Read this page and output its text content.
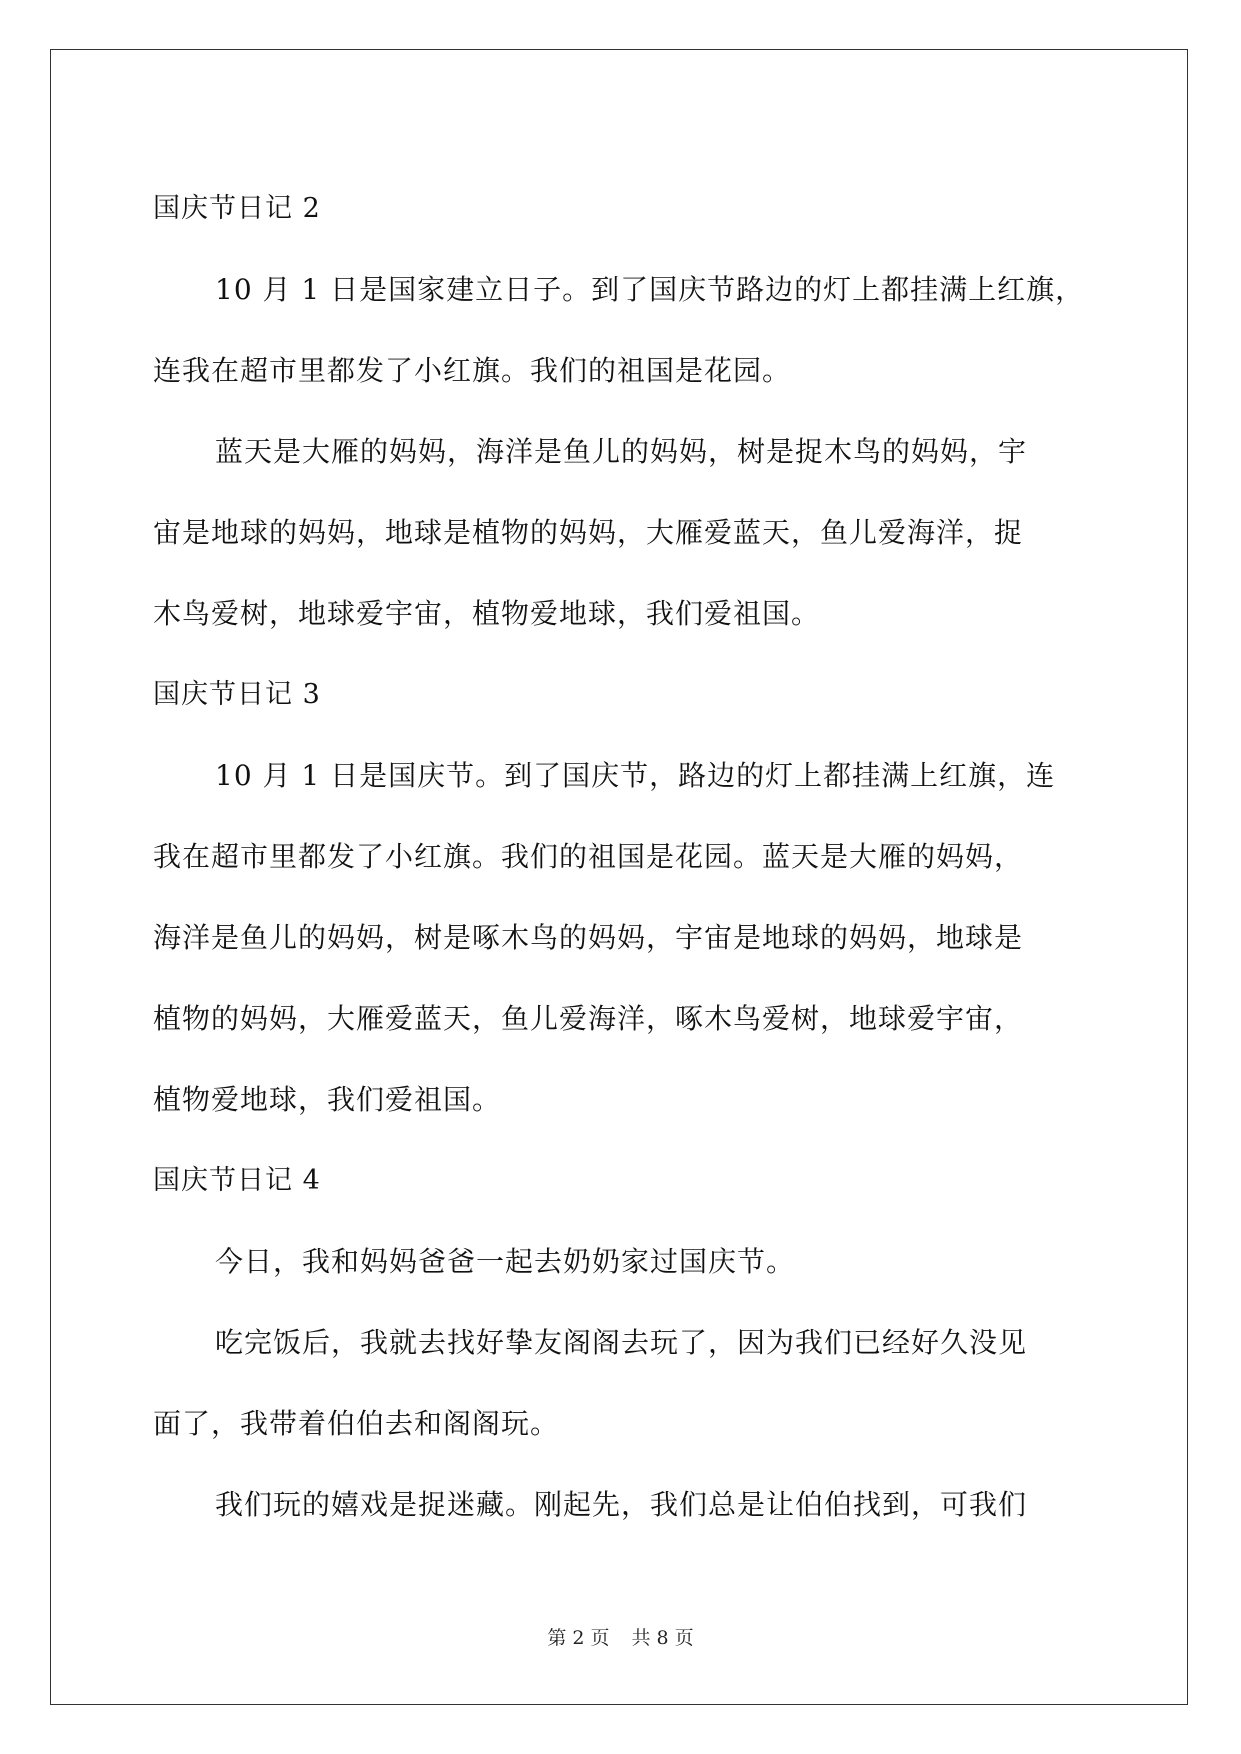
国庆节日记 2
10 月 1 日是国家建立日子。到了国庆节路边的灯上都挂满上红旗，
连我在超市里都发了小红旗。我们的祖国是花园。
蓝天是大雁的妈妈，海洋是鱼儿的妈妈，树是捉木鸟的妈妈，宇
宙是地球的妈妈，地球是植物的妈妈，大雁爱蓝天，鱼儿爱海洋，捉
木鸟爱树，地球爱宇宙，植物爱地球，我们爱祖国。
国庆节日记 3
10 月 1 日是国庆节。到了国庆节，路边的灯上都挂满上红旗，连
我在超市里都发了小红旗。我们的祖国是花园。蓝天是大雁的妈妈，
海洋是鱼儿的妈妈，树是啄木鸟的妈妈，宇宙是地球的妈妈，地球是
植物的妈妈，大雁爱蓝天，鱼儿爱海洋，啄木鸟爱树，地球爱宇宙，
植物爱地球，我们爱祖国。
国庆节日记 4
今日，我和妈妈爸爸一起去奶奶家过国庆节。
吃完饭后，我就去找好挚友阁阁去玩了，因为我们已经好久没见
面了，我带着伯伯去和阁阁玩。
我们玩的嬉戏是捉迷藏。刚起先，我们总是让伯伯找到，可我们
第 2 页 共 8 页
